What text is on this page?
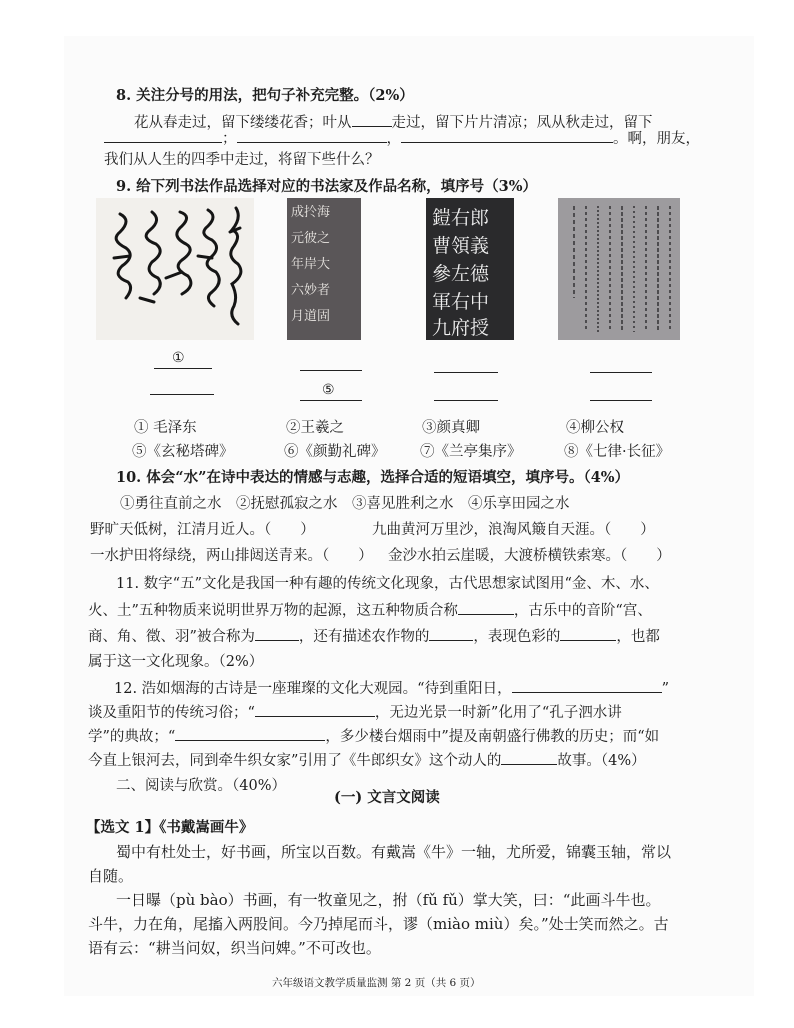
8. 关注分号的用法，把句子补充完整。（2%）
花从春走过，留下缕缕花香；叶从	走过，留下片片清凉；凤从秋走过，留下
；	，	。啊，朋友，
我们从人生的四季中走过，将留下些什么？
9. 给下列书法作品选择对应的书法家及作品名称，填序号（3%）
成扵海
元彼之
年岸大
六妙者
月道固
鎧右郎
曹領義
參左德
軍右中
九府授
①
⑤
① 毛泽东	②王羲之	③颜真卿	④柳公权
⑤《玄秘塔碑》	⑥《颜勤礼碑》 ⑦《兰亭集序》	⑧《七律·长征》
10. 体会“水”在诗中表达的情感与志趣，选择合适的短语填空，填序号。（4%）
①勇往直前之水　②抚慰孤寂之水　③喜见胜利之水　④乐享田园之水
野旷天低树，江清月近人。（　　）	九曲黄河万里沙，浪淘风簸自天涯。（　　）
一水护田将绿绕，两山排闼送青来。（　　） 金沙水拍云崖暖，大渡桥横铁索寒。（　　）
11. 数字“五”文化是我国一种有趣的传统文化现象，古代思想家试图用“金、木、水、
火、土”五种物质来说明世界万物的起源，这五种物质合称	，古乐中的音阶“宫、
商、角、徵、羽”被合称为	，还有描述农作物的	，表现色彩的	，也都
属于这一文化现象。（2%）
12. 浩如烟海的古诗是一座璀璨的文化大观园。“待到重阳日，	”
谈及重阳节的传统习俗；“	，无边光景一时新”化用了“孔子泗水讲
学”的典故；“	，多少楼台烟雨中”提及南朝盛行佛教的历史；而“如
今直上银河去，同到牵牛织女家”引用了《牛郎织女》这个动人的	故事。（4%）
二、阅读与欣赏。（40%）
(一) 文言文阅读
【选文 1】《书戴嵩画牛》
蜀中有杜处士，好书画，所宝以百数。有戴嵩《牛》一轴，尤所爱，锦囊玉轴，常以
自随。
一日曝（pù bào）书画，有一牧童见之，拊（fǔ fǔ）掌大笑，曰：“此画斗牛也。
斗牛，力在角，尾搐入两股间。今乃掉尾而斗，谬（miào miù）矣。”处士笑而然之。古
语有云：“耕当问奴，织当问婢。”不可改也。
六年级语文教学质量监测 第 2 页（共 6 页）
